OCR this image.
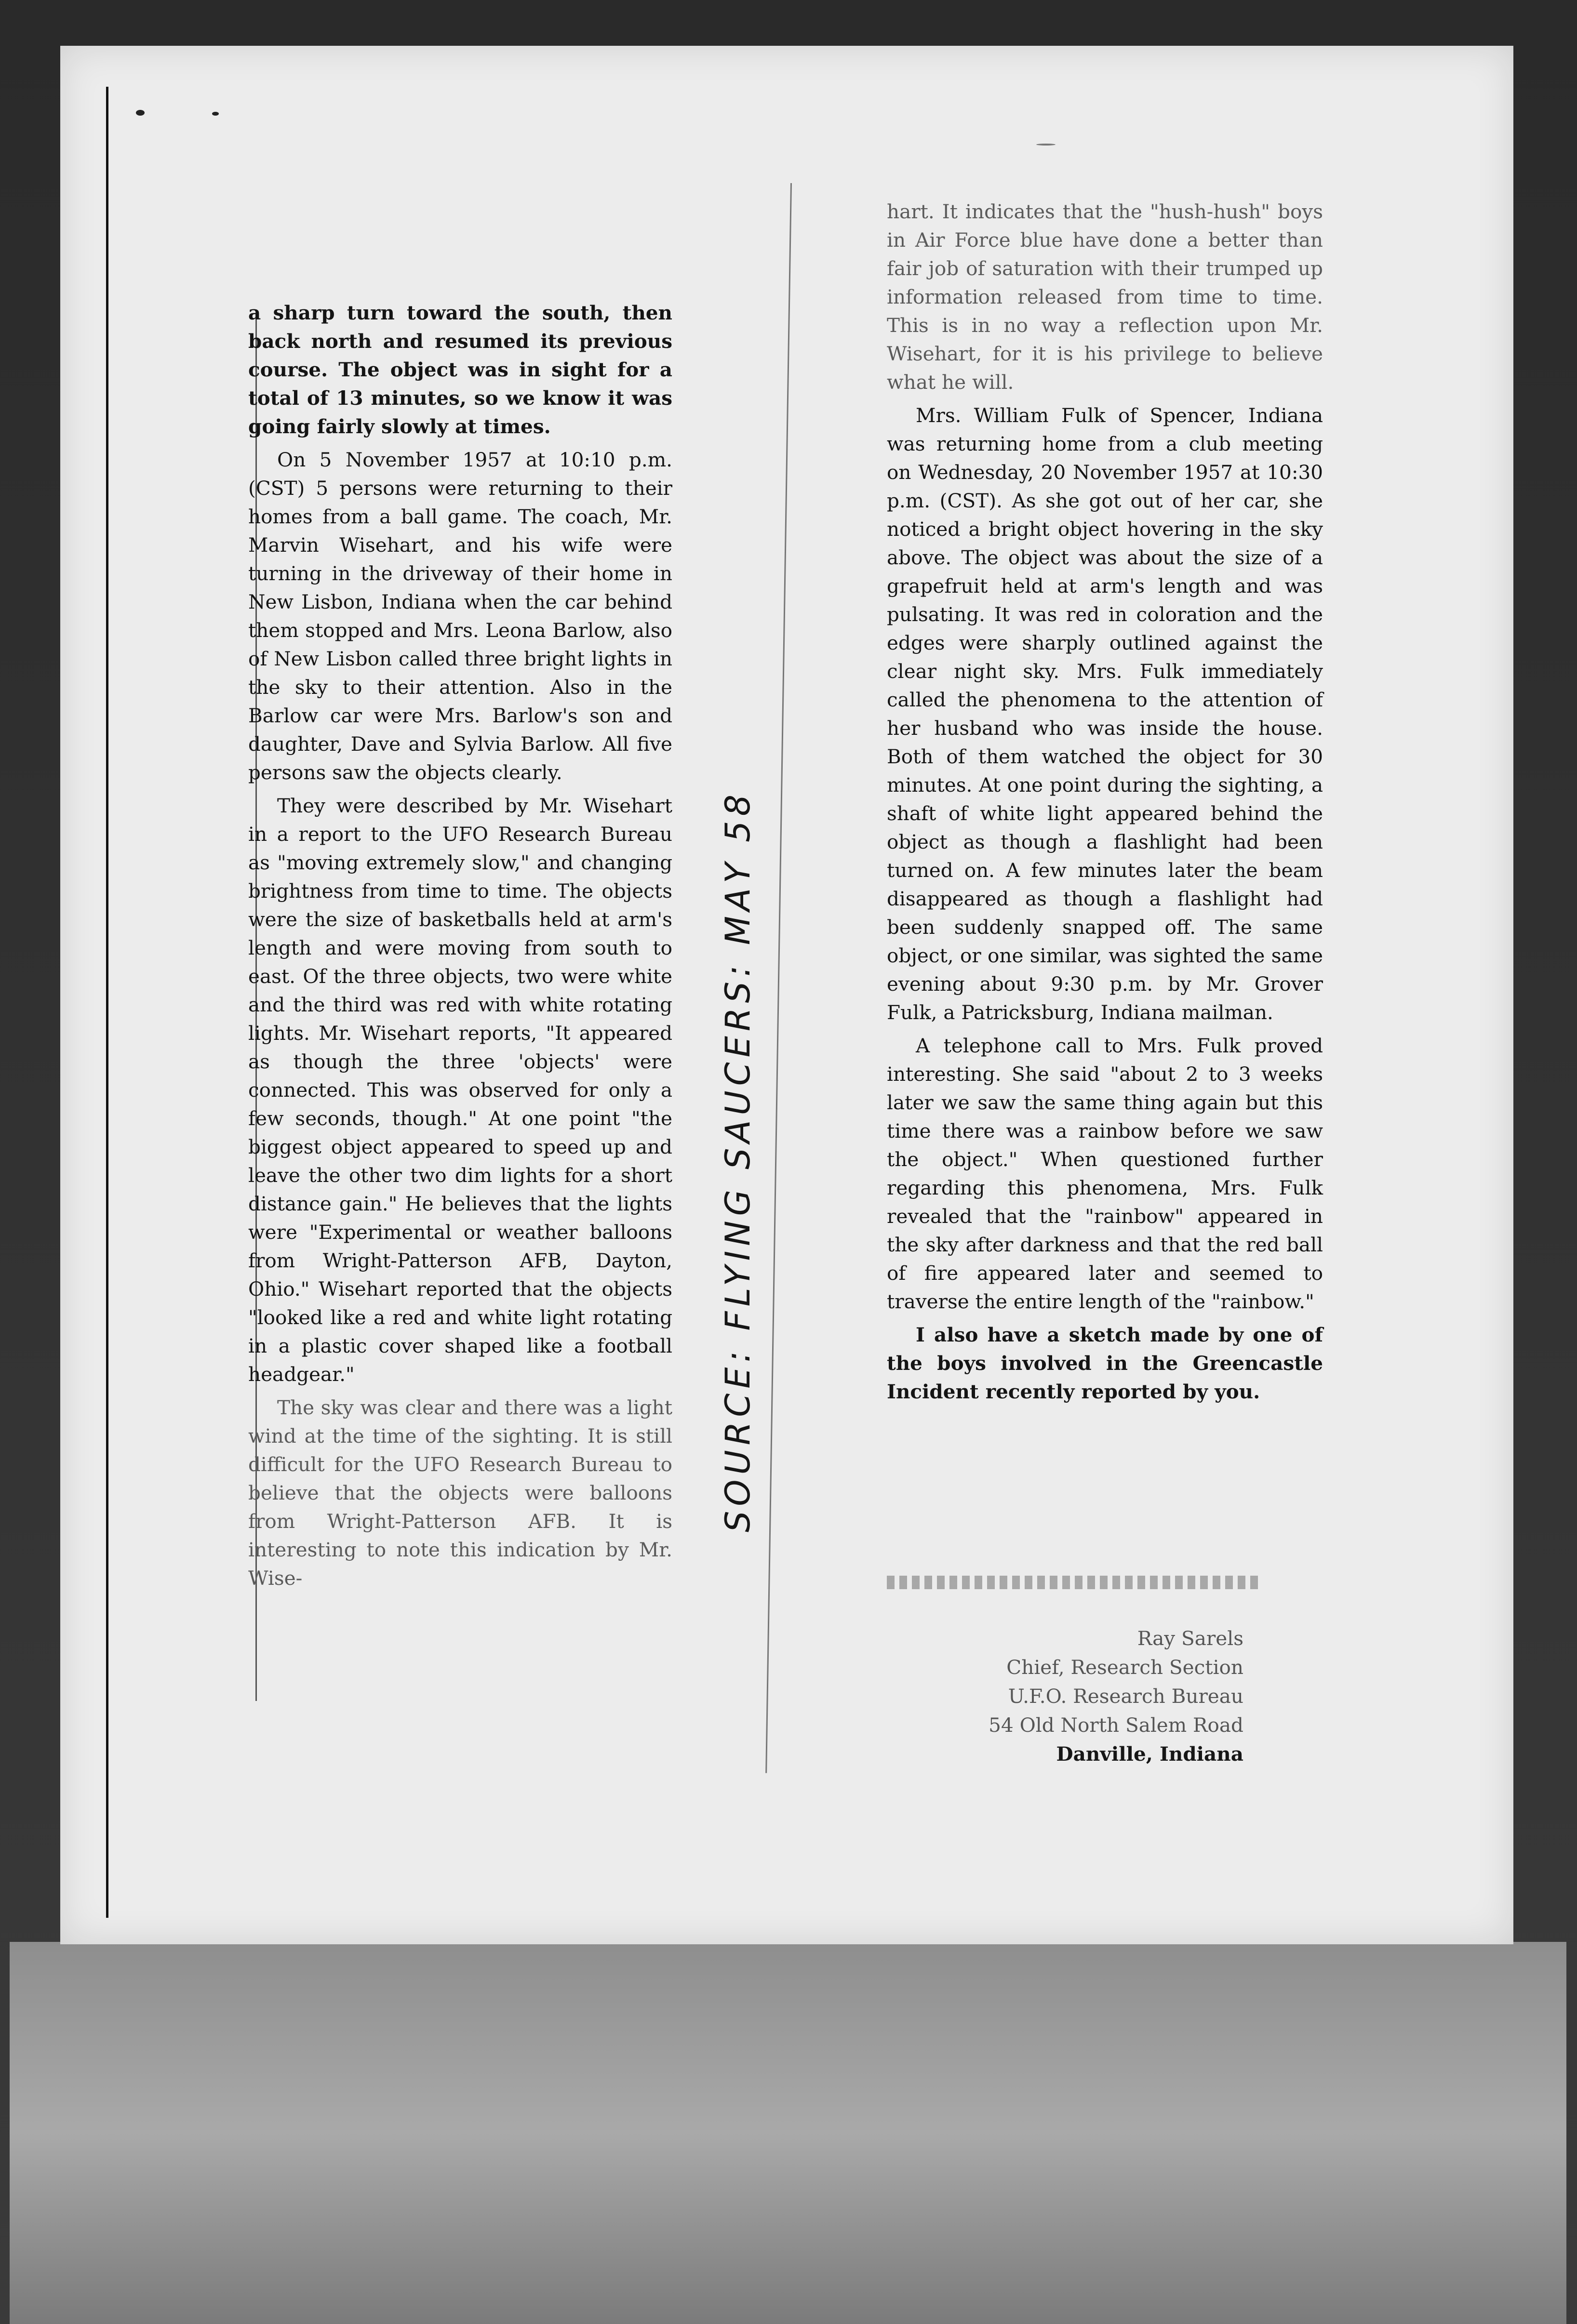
a sharp turn toward the south, then back north and resumed its previous course. The object was in sight for a total of 13 minutes, so we know it was going fairly slowly at times.

On 5 November 1957 at 10:10 p.m. (CST) 5 persons were returning to their homes from a ball game. The coach, Mr. Marvin Wisehart, and his wife were turning in the driveway of their home in New Lisbon, Indiana when the car behind them stopped and Mrs. Leona Barlow, also of New Lisbon called three bright lights in the sky to their attention. Also in the Barlow car were Mrs. Barlow's son and daughter, Dave and Sylvia Barlow. All five persons saw the objects clearly.

They were described by Mr. Wisehart in a report to the UFO Research Bureau as "moving extremely slow," and changing brightness from time to time. The objects were the size of basketballs held at arm's length and were moving from south to east. Of the three objects, two were white and the third was red with white rotating lights. Mr. Wisehart reports, "It appeared as though the three 'objects' were connected. This was observed for only a few seconds, though." At one point "the biggest object appeared to speed up and leave the other two dim lights for a short distance gain." He believes that the lights were "Experimental or weather balloons from Wright-Patterson AFB, Dayton, Ohio." Wisehart reported that the objects "looked like a red and white light rotating in a plastic cover shaped like a football headgear."

The sky was clear and there was a light wind at the time of the sighting. It is still difficult for the UFO Research Bureau to believe that the objects were balloons from Wright-Patterson AFB. It is interesting to note this indication by Mr. Wise-

SOURCE: FLYING SAUCERS: MAY 58

hart. It indicates that the "hush-hush" boys in Air Force blue have done a better than fair job of saturation with their trumped up information released from time to time. This is in no way a reflection upon Mr. Wisehart, for it is his privilege to believe what he will.

Mrs. William Fulk of Spencer, Indiana was returning home from a club meeting on Wednesday, 20 November 1957 at 10:30 p.m. (CST). As she got out of her car, she noticed a bright object hovering in the sky above. The object was about the size of a grapefruit held at arm's length and was pulsating. It was red in coloration and the edges were sharply outlined against the clear night sky. Mrs. Fulk immediately called the phenomena to the attention of her husband who was inside the house. Both of them watched the object for 30 minutes. At one point during the sighting, a shaft of white light appeared behind the object as though a flashlight had been turned on. A few minutes later the beam disappeared as though a flashlight had been suddenly snapped off. The same object, or one similar, was sighted the same evening about 9:30 p.m. by Mr. Grover Fulk, a Patricksburg, Indiana mailman.

A telephone call to Mrs. Fulk proved interesting. She said "about 2 to 3 weeks later we saw the same thing again but this time there was a rainbow before we saw the object." When questioned further regarding this phenomena, Mrs. Fulk revealed that the "rainbow" appeared in the sky after darkness and that the red ball of fire appeared later and seemed to traverse the entire length of the "rainbow."

I also have a sketch made by one of the boys involved in the Greencastle Incident recently reported by you.

Ray Sarels
Chief, Research Section
U.F.O. Research Bureau
54 Old North Salem Road
Danville, Indiana
